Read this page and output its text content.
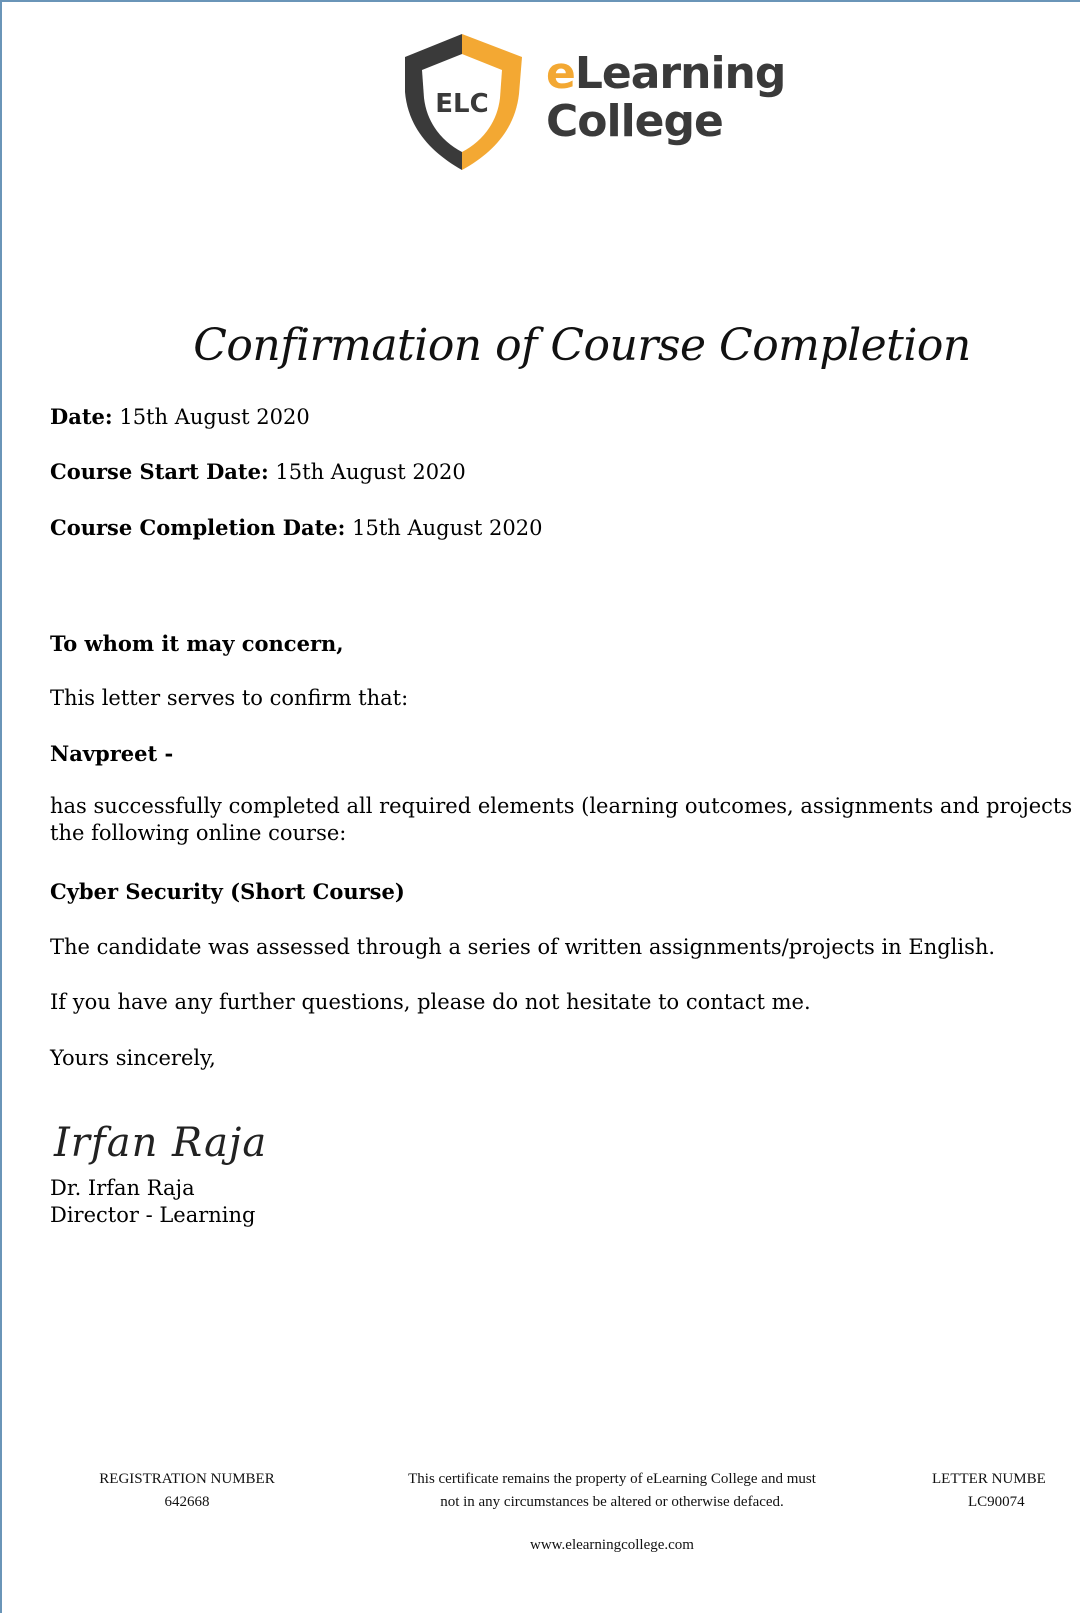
ELC
eLearning
College
Confirmation of Course Completion
Date: 15th August 2020
Course Start Date: 15th August 2020
Course Completion Date: 15th August 2020
To whom it may concern,
This letter serves to confirm that:
Navpreet -
has successfully completed all required elements (learning outcomes, assignments and projects
the following online course:
Cyber Security (Short Course)
The candidate was assessed through a series of written assignments/projects in English.
If you have any further questions, please do not hesitate to contact me.
Yours sincerely,
Irfan Raja
Dr. Irfan Raja
Director - Learning
REGISTRATION NUMBER
642668
This certificate remains the property of eLearning College and must
not in any circumstances be altered or otherwise defaced.
LETTER NUMBE
LC90074
www.elearningcollege.com
